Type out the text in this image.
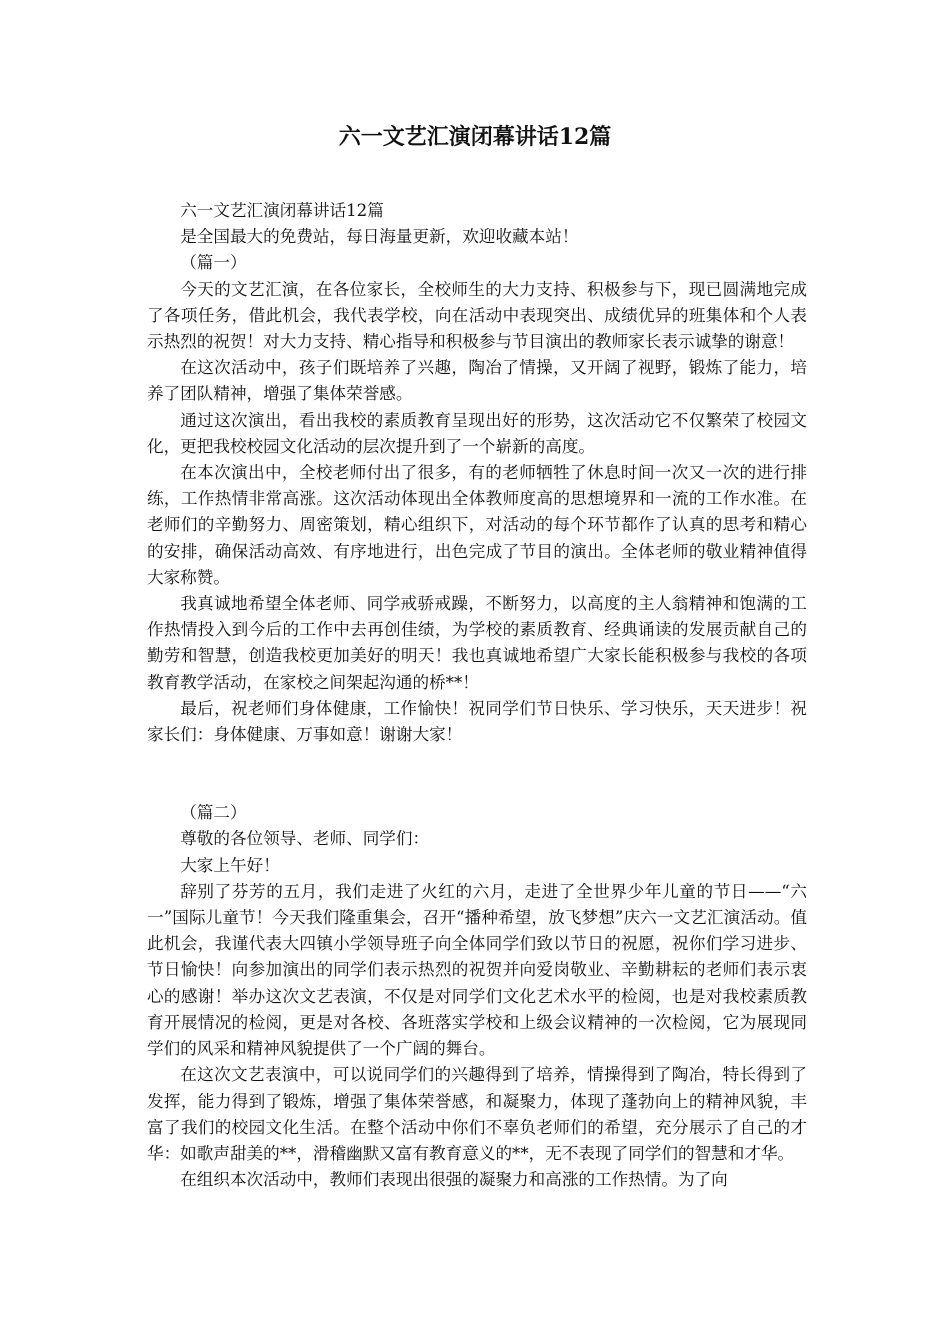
六一文艺汇演闭幕讲话12篇

六一文艺汇演闭幕讲话12篇

是全国最大的免费站，每日海量更新，欢迎收藏本站！

（篇一）

今天的文艺汇演，在各位家长，全校师生的大力支持、积极参与下，现已圆满地完成了各项任务，借此机会，我代表学校，向在活动中表现突出、成绩优异的班集体和个人表示热烈的祝贺！对大力支持、精心指导和积极参与节目演出的教师家长表示诚挚的谢意！

在这次活动中，孩子们既培养了兴趣，陶冶了情操，又开阔了视野，锻炼了能力，培养了团队精神，增强了集体荣誉感。

通过这次演出，看出我校的素质教育呈现出好的形势，这次活动它不仅繁荣了校园文化，更把我校校园文化活动的层次提升到了一个崭新的高度。

在本次演出中，全校老师付出了很多，有的老师牺牲了休息时间一次又一次的进行排练，工作热情非常高涨。这次活动体现出全体教师度高的思想境界和一流的工作水准。在老师们的辛勤努力、周密策划，精心组织下，对活动的每个环节都作了认真的思考和精心的安排，确保活动高效、有序地进行，出色完成了节目的演出。全体老师的敬业精神值得大家称赞。

我真诚地希望全体老师、同学戒骄戒躁，不断努力，以高度的主人翁精神和饱满的工作热情投入到今后的工作中去再创佳绩，为学校的素质教育、经典诵读的发展贡献自己的勤劳和智慧，创造我校更加美好的明天！我也真诚地希望广大家长能积极参与我校的各项教育教学活动，在家校之间架起沟通的桥**！

最后，祝老师们身体健康，工作愉快！祝同学们节日快乐、学习快乐，天天进步！祝家长们：身体健康、万事如意！谢谢大家！

（篇二）

尊敬的各位领导、老师、同学们：

大家上午好！

辞别了芬芳的五月，我们走进了火红的六月，走进了全世界少年儿童的节日——“六一”国际儿童节！今天我们隆重集会，召开“播种希望，放飞梦想”庆六一文艺汇演活动。值此机会，我谨代表大四镇小学领导班子向全体同学们致以节日的祝愿，祝你们学习进步、节日愉快！向参加演出的同学们表示热烈的祝贺并向爱岗敬业、辛勤耕耘的老师们表示衷心的感谢！举办这次文艺表演，不仅是对同学们文化艺术水平的检阅，也是对我校素质教育开展情况的检阅，更是对各校、各班落实学校和上级会议精神的一次检阅，它为展现同学们的风采和精神风貌提供了一个广阔的舞台。

在这次文艺表演中，可以说同学们的兴趣得到了培养，情操得到了陶冶，特长得到了发挥，能力得到了锻炼，增强了集体荣誉感，和凝聚力，体现了蓬勃向上的精神风貌，丰富了我们的校园文化生活。在整个活动中你们不辜负老师们的希望，充分展示了自己的才华：如歌声甜美的**，滑稽幽默又富有教育意义的**，无不表现了同学们的智慧和才华。

在组织本次活动中，教师们表现出很强的凝聚力和高涨的工作热情。为了向
